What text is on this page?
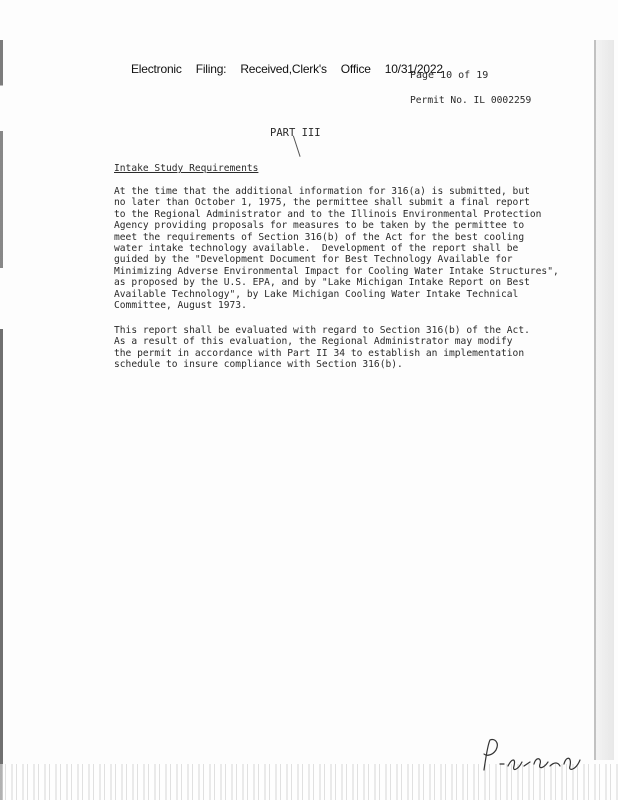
Electronic Filing: Received,Clerk's Office 10/31/2022
Page 10 of 19
Permit No. IL 0002259
PART III
Intake Study Requirements
At the time that the additional information for 316(a) is submitted, but
no later than October 1, 1975, the permittee shall submit a final report
to the Regional Administrator and to the Illinois Environmental Protection
Agency providing proposals for measures to be taken by the permittee to
meet the requirements of Section 316(b) of the Act for the best cooling
water intake technology available.  Development of the report shall be
guided by the "Development Document for Best Technology Available for
Minimizing Adverse Environmental Impact for Cooling Water Intake Structures",
as proposed by the U.S. EPA, and by "Lake Michigan Intake Report on Best
Available Technology", by Lake Michigan Cooling Water Intake Technical
Committee, August 1973.
This report shall be evaluated with regard to Section 316(b) of the Act.
As a result of this evaluation, the Regional Administrator may modify
the permit in accordance with Part II 34 to establish an implementation
schedule to insure compliance with Section 316(b).
